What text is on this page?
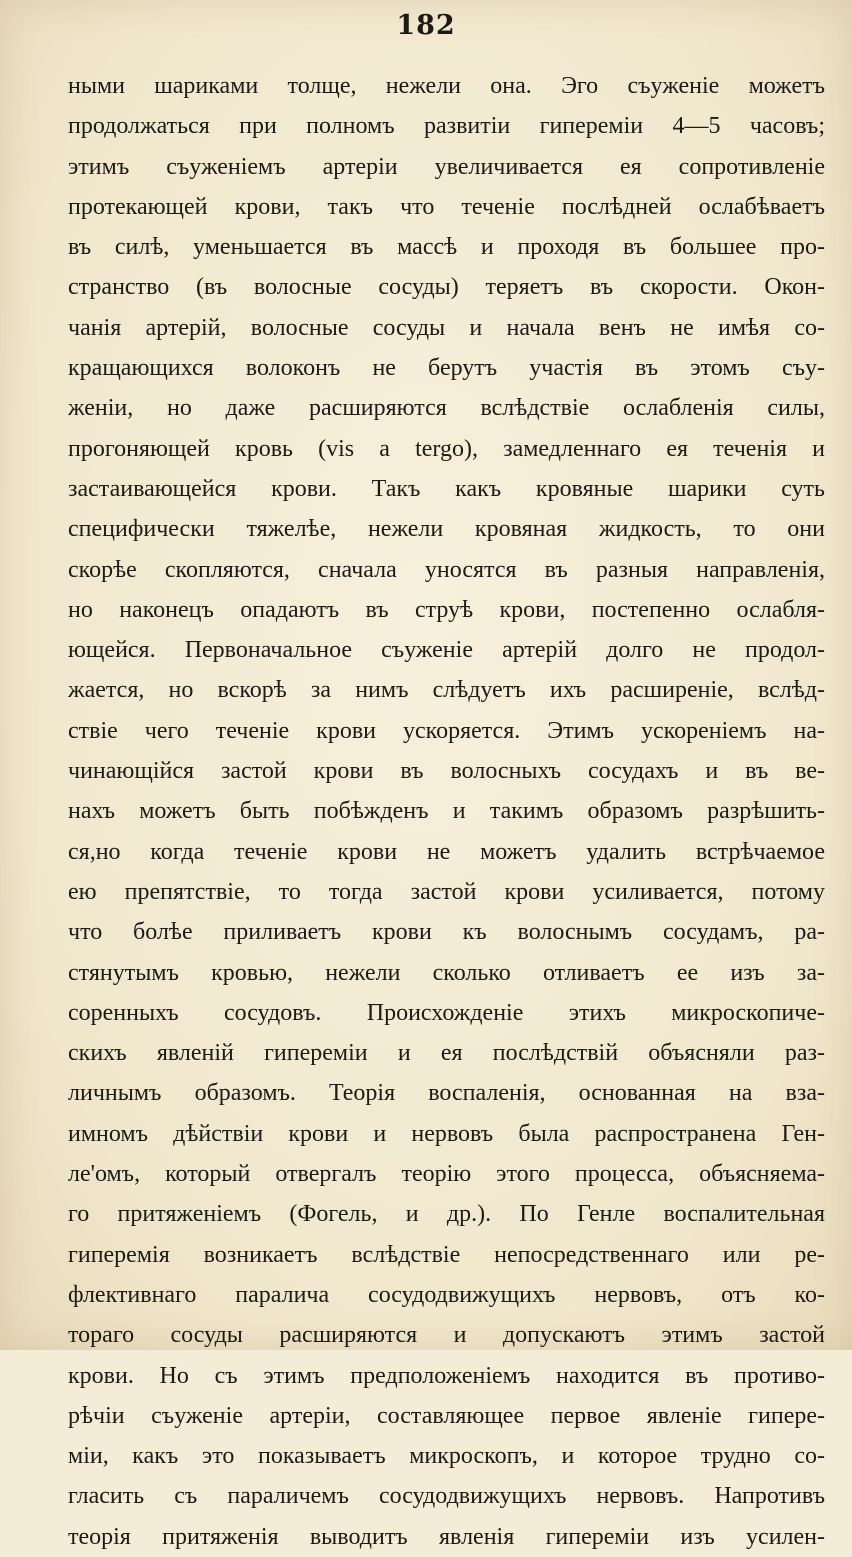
182
ными шариками толще, нежели она. Эго съуженіе можетъ
продолжаться при полномъ развитіи гипереміи 4—5 часовъ;
этимъ съуженіемъ артеріи увеличивается ея сопротивленіе
протекающей крови, такъ что теченіе послѣдней ослабѣваетъ
въ силѣ, уменьшается въ массѣ и проходя въ большее про-
странство (въ волосные сосуды) теряетъ въ скорости. Окон-
чанія артерій, волосные сосуды и начала венъ не имѣя со-
кращающихся волоконъ не берутъ участія въ этомъ съу-
женіи, но даже расширяются вслѣдствіе ослабленія силы,
прогоняющей кровь (vis a tergo), замедленнаго ея теченія и
застаивающейся крови. Такъ какъ кровяные шарики суть
специфически тяжелѣе, нежели кровяная жидкость, то они
скорѣе скопляются, сначала уносятся въ разныя направленія,
но наконецъ опадаютъ въ струѣ крови, постепенно ослабля-
ющейся. Первоначальное съуженіе артерій долго не продол-
жается, но вскорѣ за нимъ слѣдуетъ ихъ расширеніе, вслѣд-
ствіе чего теченіе крови ускоряется. Этимъ ускореніемъ на-
чинающійся застой крови въ волосныхъ сосудахъ и въ ве-
нахъ можетъ быть побѣжденъ и такимъ образомъ разрѣшить-
ся,но когда теченіе крови не можетъ удалить встрѣчаемое
ею препятствіе, то тогда застой крови усиливается, потому
что болѣе приливаетъ крови къ волоснымъ сосудамъ, ра-
стянутымъ кровью, нежели сколько отливаетъ ее изъ за-
соренныхъ сосудовъ. Происхожденіе этихъ микроскопиче-
скихъ явленій гипереміи и ея послѣдствій объясняли раз-
личнымъ образомъ. Теорія воспаленія, основанная на вза-
имномъ дѣйствіи крови и нервовъ была распространена Ген-
ле'омъ, который отвергалъ теорію этого процесса, объясняема-
го притяженіемъ (Фогель, и др.). По Генле воспалительная
гиперемія возникаетъ вслѣдствіе непосредственнаго или ре-
флективнаго паралича сосудодвижущихъ нервовъ, отъ ко-
тораго сосуды расширяются и допускаютъ этимъ застой
крови. Но съ этимъ предположеніемъ находится въ противо-
рѣчіи съуженіе артеріи, составляющее первое явленіе гипере-
міи, какъ это показываетъ микроскопъ, и которое трудно со-
гласить съ параличемъ сосудодвижущихъ нервовъ. Напротивъ
теорія притяженія выводитъ явленія гипереміи изъ усилен-
